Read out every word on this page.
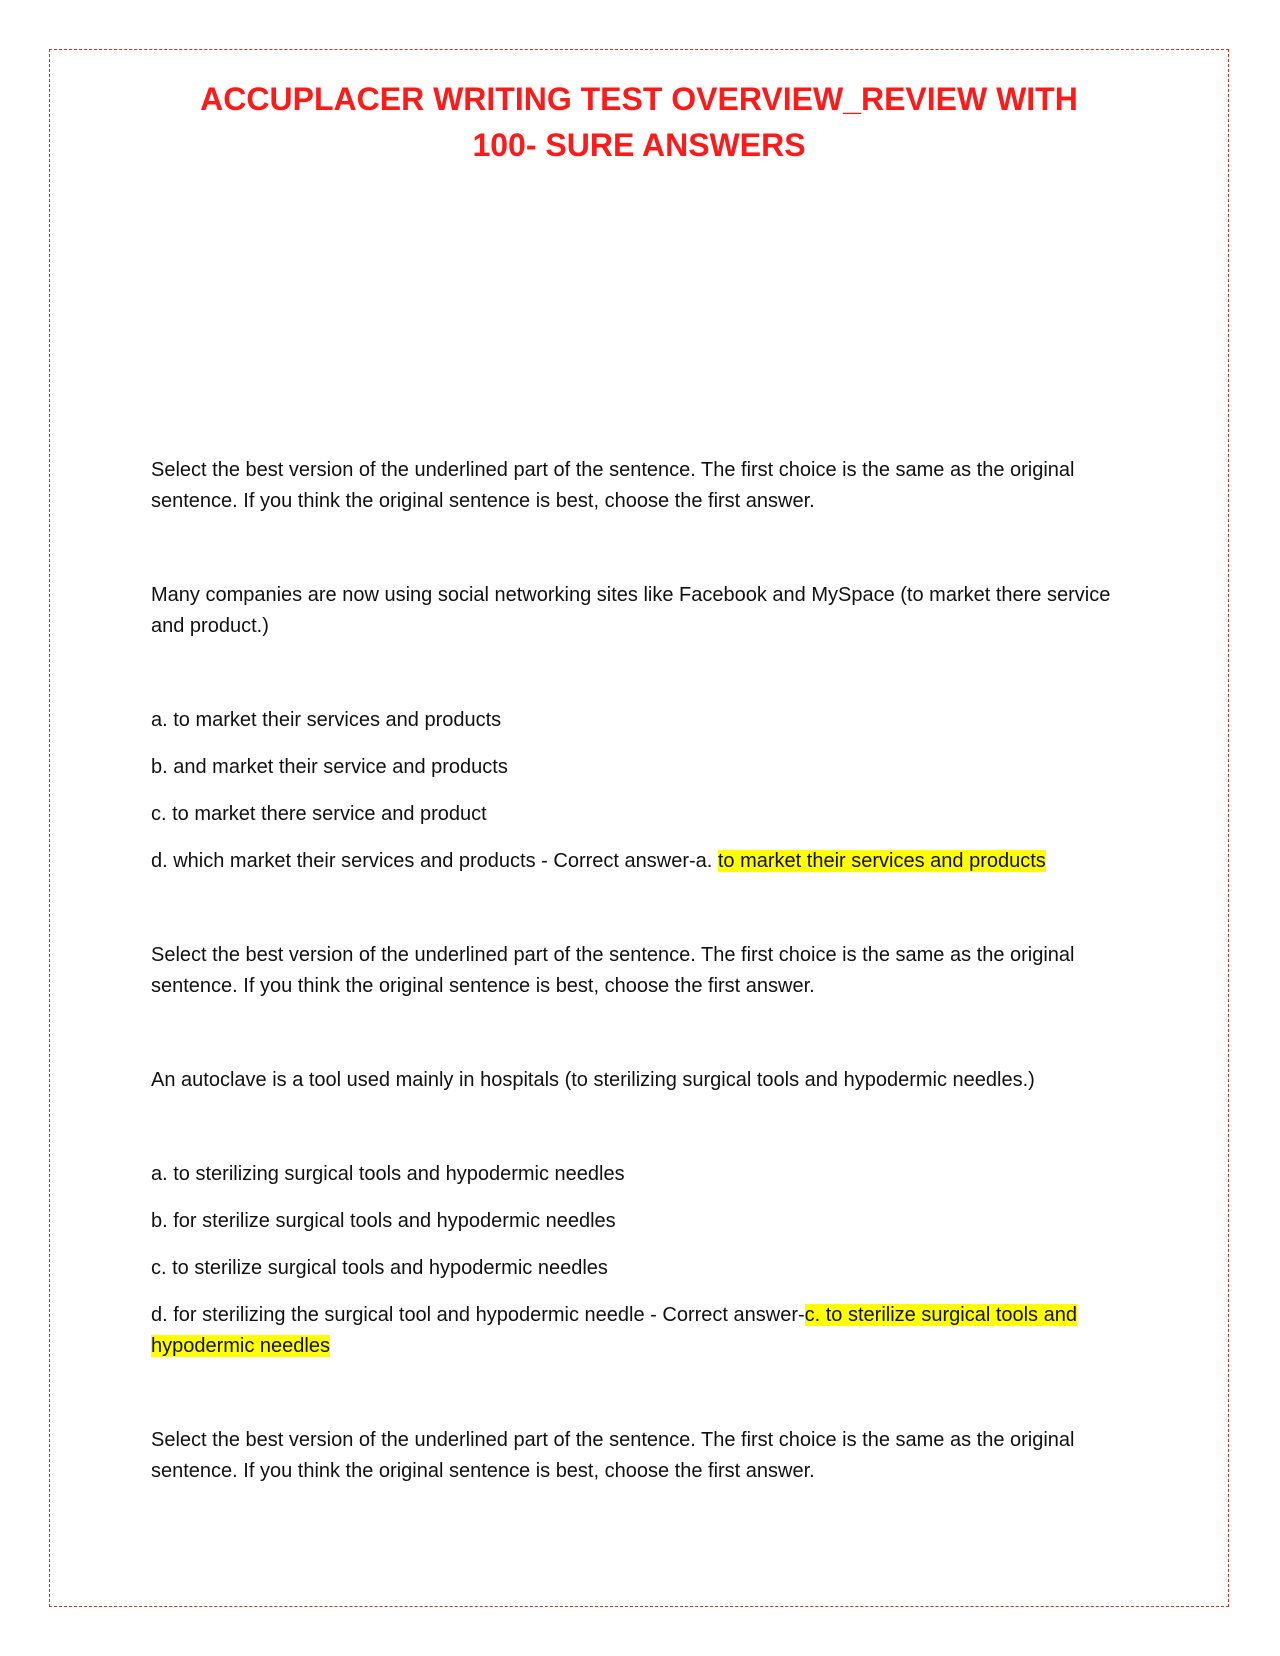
ACCUPLACER WRITING TEST OVERVIEW_REVIEW WITH
100- SURE ANSWERS

Select the best version of the underlined part of the sentence. The first choice is the same as the original sentence. If you think the original sentence is best, choose the first answer.

Many companies are now using social networking sites like Facebook and MySpace (to market there service and product.)

a. to market their services and products

b. and market their service and products

c. to market there service and product

d. which market their services and products - Correct answer-a. to market their services and products

Select the best version of the underlined part of the sentence. The first choice is the same as the original sentence. If you think the original sentence is best, choose the first answer.

An autoclave is a tool used mainly in hospitals (to sterilizing surgical tools and hypodermic needles.)

a. to sterilizing surgical tools and hypodermic needles

b. for sterilize surgical tools and hypodermic needles

c. to sterilize surgical tools and hypodermic needles

d. for sterilizing the surgical tool and hypodermic needle - Correct answer-c. to sterilize surgical tools and hypodermic needles

Select the best version of the underlined part of the sentence. The first choice is the same as the original sentence. If you think the original sentence is best, choose the first answer.
